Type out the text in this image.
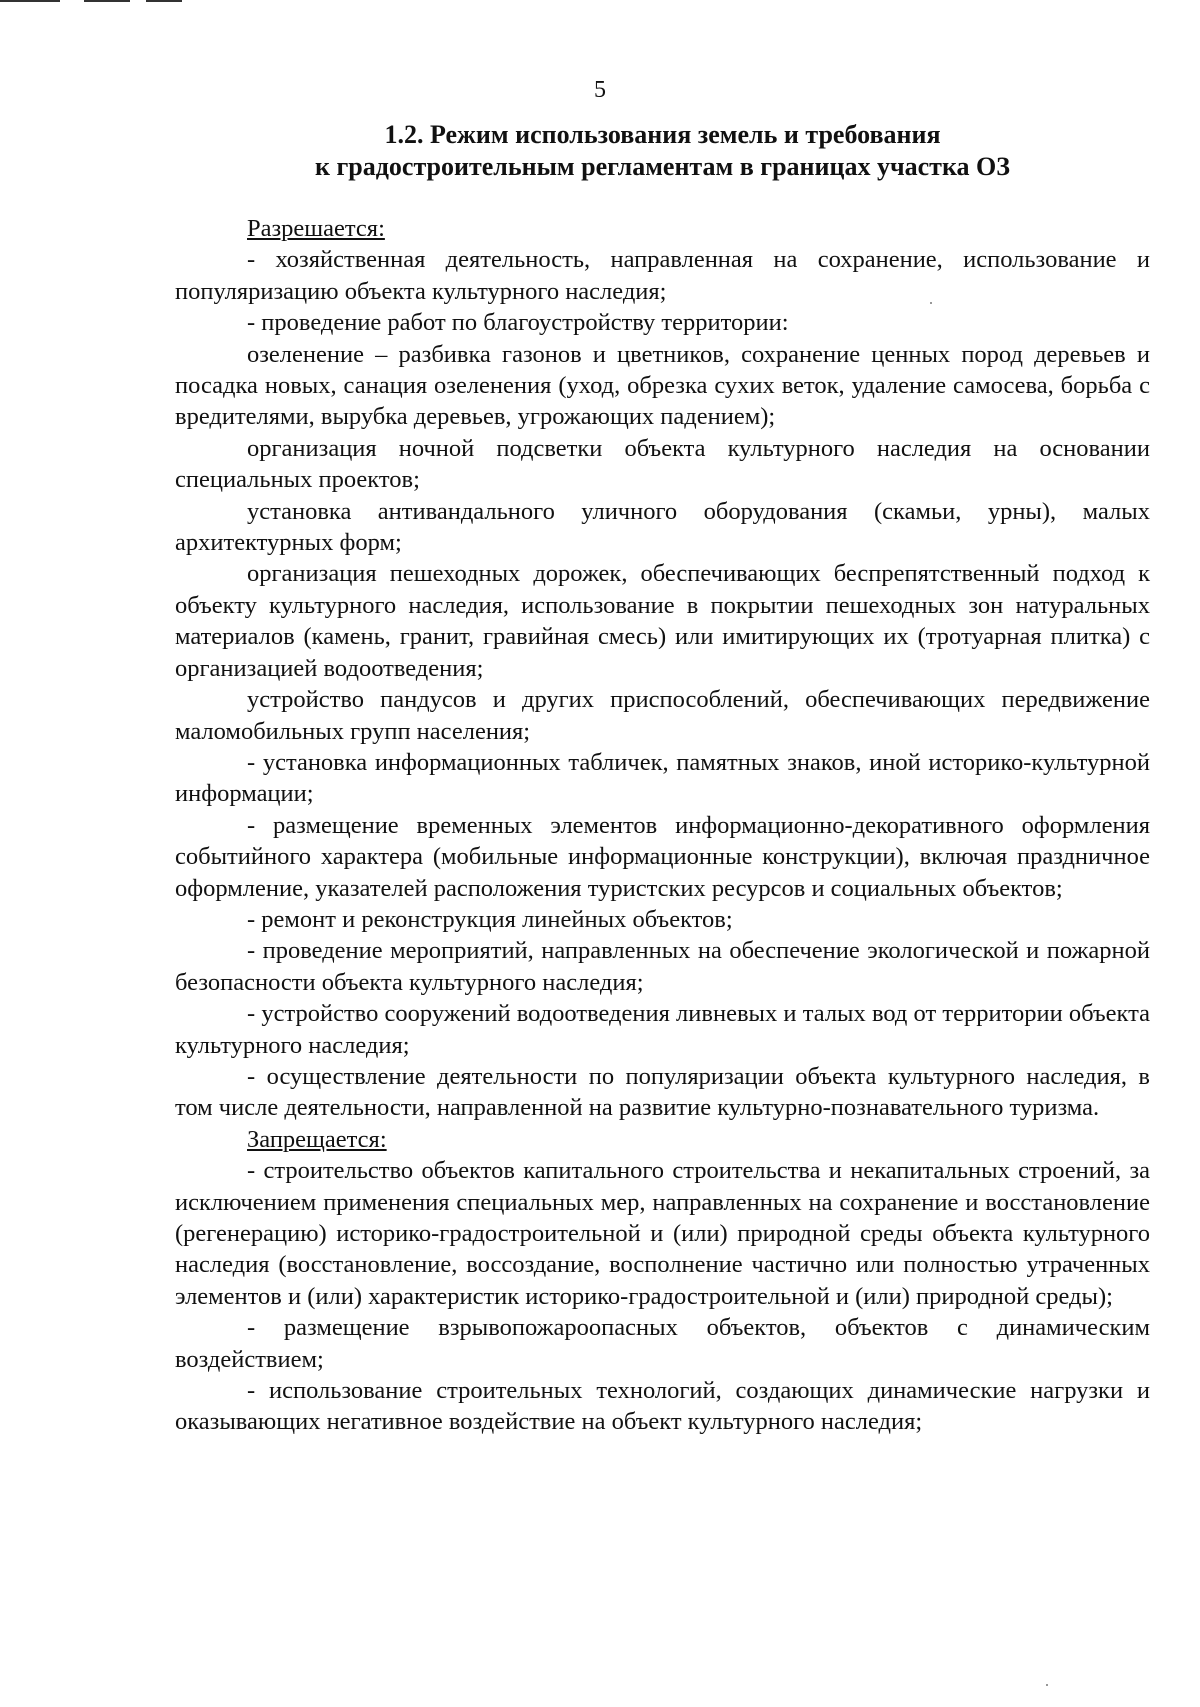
5
1.2. Режим использования земель и требования
к градостроительным регламентам в границах участка ОЗ

Разрешается:

- хозяйственная деятельность, направленная на сохранение, использование и популяризацию объекта культурного наследия;

- проведение работ по благоустройству территории:

озеленение – разбивка газонов и цветников, сохранение ценных пород деревьев и посадка новых, санация озеленения (уход, обрезка сухих веток, удаление самосева, борьба с вредителями, вырубка деревьев, угрожающих падением);

организация ночной подсветки объекта культурного наследия на основании специальных проектов;

установка антивандального уличного оборудования (скамьи, урны), малых архитектурных форм;

организация пешеходных дорожек, обеспечивающих беспрепятственный подход к объекту культурного наследия, использование в покрытии пешеходных зон натуральных материалов (камень, гранит, гравийная смесь) или имитирующих их (тротуарная плитка) с организацией водоотведения;

устройство пандусов и других приспособлений, обеспечивающих передвижение маломобильных групп населения;

- установка информационных табличек, памятных знаков, иной историко-культурной информации;

- размещение временных элементов информационно-декоративного оформления событийного характера (мобильные информационные конструкции), включая праздничное оформление, указателей расположения туристских ресурсов и социальных объектов;

- ремонт и реконструкция линейных объектов;

- проведение мероприятий, направленных на обеспечение экологической и пожарной безопасности объекта культурного наследия;

- устройство сооружений водоотведения ливневых и талых вод от территории объекта культурного наследия;

- осуществление деятельности по популяризации объекта культурного наследия, в том числе деятельности, направленной на развитие культурно-познавательного туризма.

Запрещается:

- строительство объектов капитального строительства и некапитальных строений, за исключением применения специальных мер, направленных на сохранение и восстановление (регенерацию) историко-градостроительной и (или) природной среды объекта культурного наследия (восстановление, воссоздание, восполнение частично или полностью утраченных элементов и (или) характеристик историко-градостроительной и (или) природной среды);

- размещение взрывопожароопасных объектов, объектов с динамическим воздействием;

- использование строительных технологий, создающих динамические нагрузки и оказывающих негативное воздействие на объект культурного наследия;
